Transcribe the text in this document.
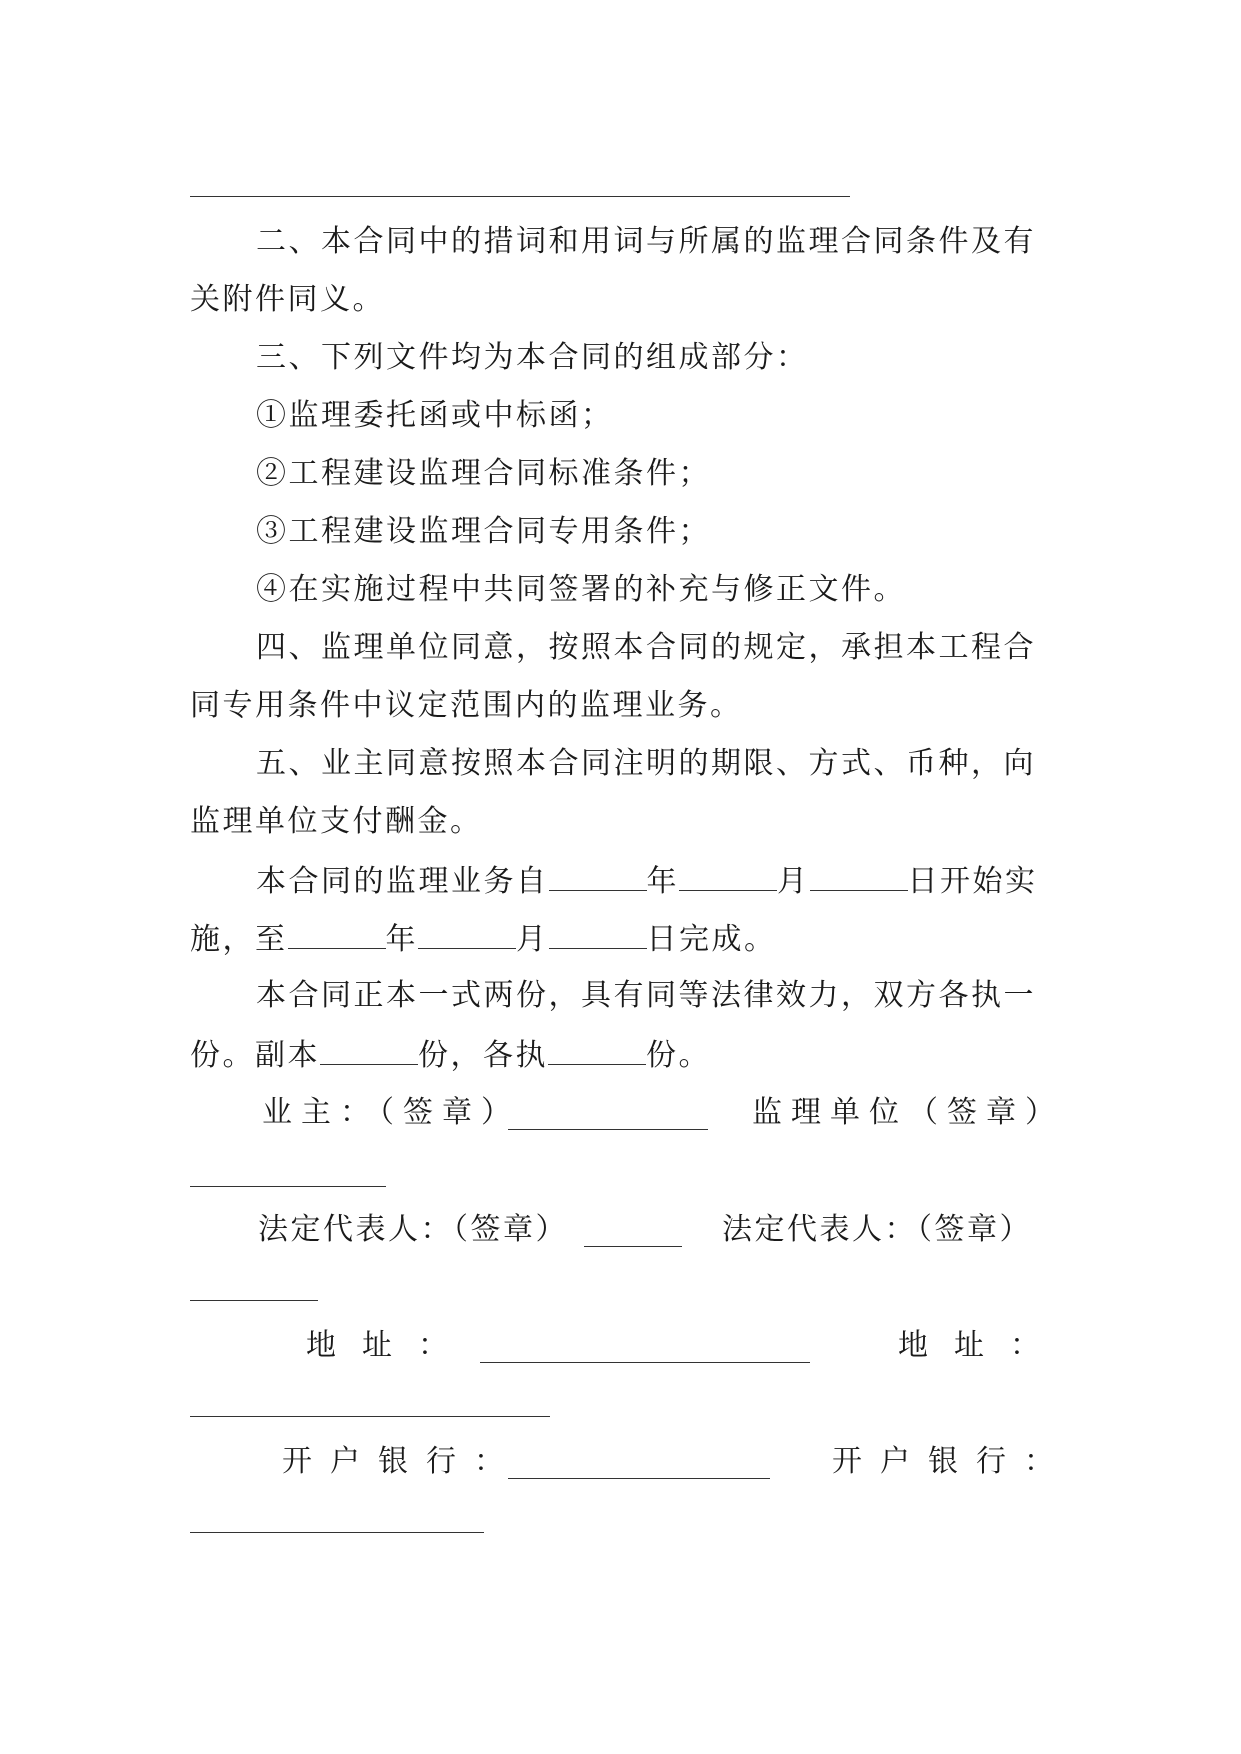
二、本合同中的措词和用词与所属的监理合同条件及有
关附件同义。
三、下列文件均为本合同的组成部分：
①监理委托函或中标函；
②工程建设监理合同标准条件；
③工程建设监理合同专用条件；
④在实施过程中共同签署的补充与修正文件。
四、监理单位同意，按照本合同的规定，承担本工程合
同专用条件中议定范围内的监理业务。
五、业主同意按照本合同注明的期限、方式、币种，向
监理单位支付酬金。
本合同的监理业务自	年	月	日开始实
施，至	年	月	日完成。
本合同正本一式两份，具有同等法律效力，双方各执一
份。副本	份，各执	份。
业主：（签章）	监理单位（签章）
法定代表人：（签章）	法定代表人：（签章）
地址：	地址：
开户银行：	开户银行：
